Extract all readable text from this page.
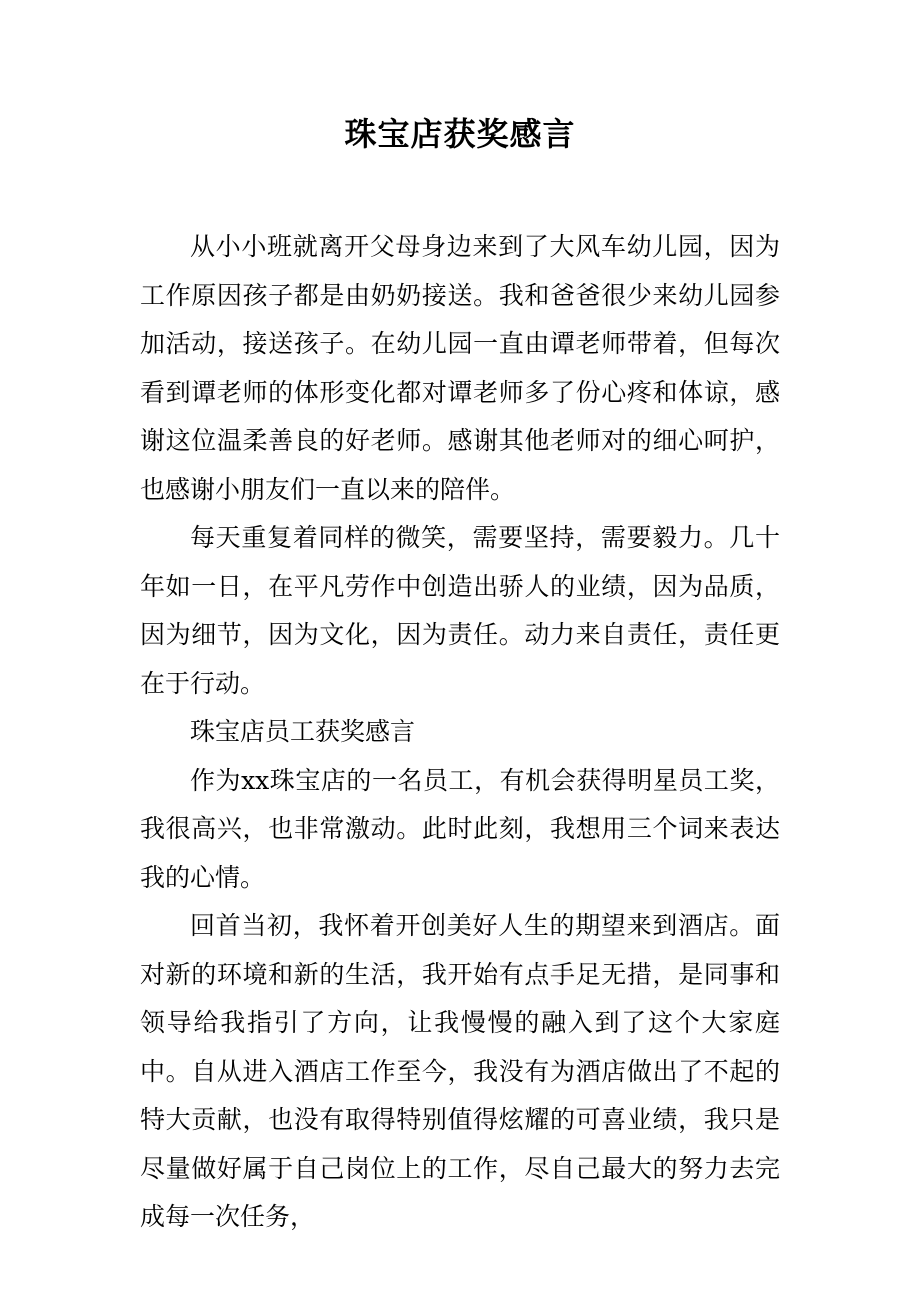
珠宝店获奖感言

从小小班就离开父母身边来到了大风车幼儿园，因为工作原因孩子都是由奶奶接送。我和爸爸很少来幼儿园参加活动，接送孩子。在幼儿园一直由谭老师带着，但每次看到谭老师的体形变化都对谭老师多了份心疼和体谅，感谢这位温柔善良的好老师。感谢其他老师对的细心呵护，也感谢小朋友们一直以来的陪伴。

每天重复着同样的微笑，需要坚持，需要毅力。几十年如一日，在平凡劳作中创造出骄人的业绩，因为品质，因为细节，因为文化，因为责任。动力来自责任，责任更在于行动。

珠宝店员工获奖感言

作为xx珠宝店的一名员工，有机会获得明星员工奖，我很高兴，也非常激动。此时此刻，我想用三个词来表达我的心情。

回首当初，我怀着开创美好人生的期望来到酒店。面对新的环境和新的生活，我开始有点手足无措，是同事和领导给我指引了方向，让我慢慢的融入到了这个大家庭中。自从进入酒店工作至今，我没有为酒店做出了不起的特大贡献，也没有取得特别值得炫耀的可喜业绩，我只是尽量做好属于自己岗位上的工作，尽自己最大的努力去完成每一次任务，
